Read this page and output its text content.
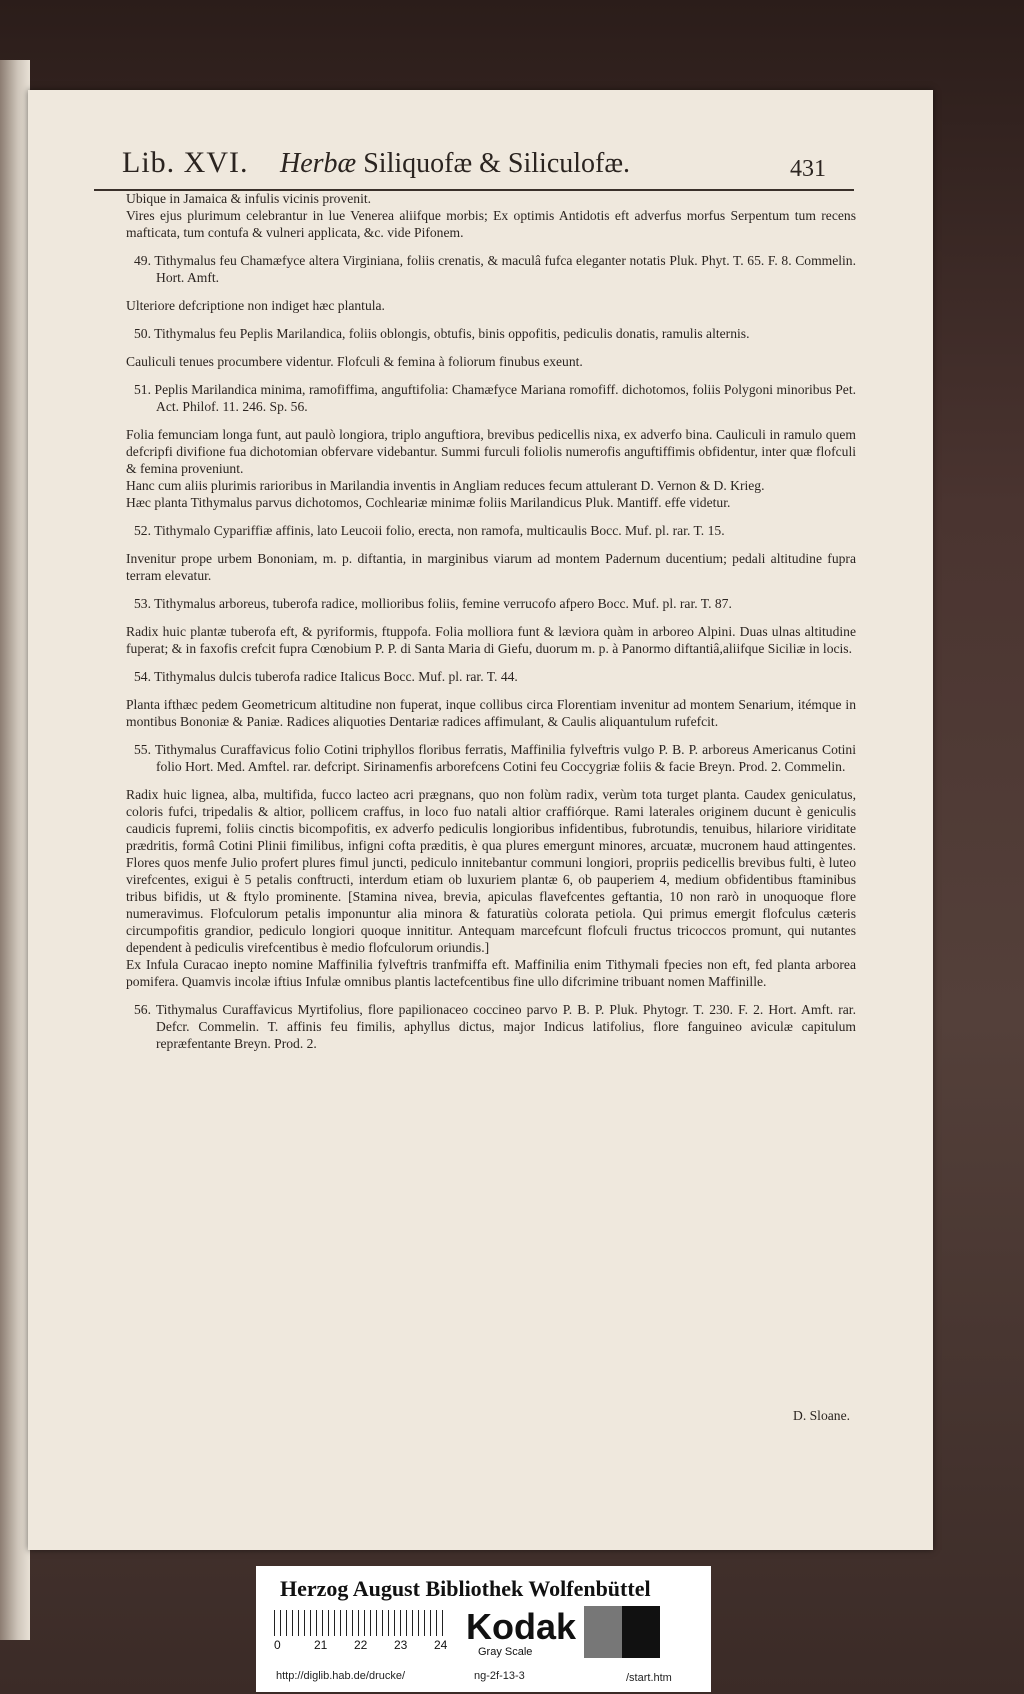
Lib. XVI. Herbæ Siliquofæ & Siliculofæ.	431

Ubique in Jamaica & infulis vicinis provenit.

Vires ejus plurimum celebrantur in lue Venerea aliifque morbis; Ex optimis Antidotis eft adverfus morfus Serpentum tum recens mafticata, tum contufa & vulneri applicata, &c. vide Pifonem.

49. Tithymalus feu Chamæfyce altera Virginiana, foliis crenatis, & maculâ fufca eleganter notatis Pluk. Phyt. T. 65. F. 8. Commelin. Hort. Amft.

Ulteriore defcriptione non indiget hæc plantula.

50. Tithymalus feu Peplis Marilandica, foliis oblongis, obtufis, binis oppofitis, pediculis donatis, ramulis alternis.

Cauliculi tenues procumbere videntur. Flofculi & femina à foliorum finubus exeunt.

51. Peplis Marilandica minima, ramofiffima, anguftifolia: Chamæfyce Mariana romofiff. dichotomos, foliis Polygoni minoribus Pet. Act. Philof. 11. 246. Sp. 56.

Folia femunciam longa funt, aut paulò longiora, triplo anguftiora, brevibus pedicellis nixa, ex adverfo bina. Cauliculi in ramulo quem defcripfi divifione fua dichotomian obfervare videbantur. Summi furculi foliolis numerofis anguftiffimis obfidentur, inter quæ flofculi & femina proveniunt.

Hanc cum aliis plurimis rarioribus in Marilandia inventis in Angliam reduces fecum attulerant D. Vernon & D. Krieg.

Hæc planta Tithymalus parvus dichotomos, Cochleariæ minimæ foliis Marilandicus Pluk. Mantiff. effe videtur.

52. Tithymalo Cypariffiæ affinis, lato Leucoii folio, erecta, non ramofa, multicaulis Bocc. Muf. pl. rar. T. 15.

Invenitur prope urbem Bononiam, m. p. diftantia, in marginibus viarum ad montem Padernum ducentium; pedali altitudine fupra terram elevatur.

53. Tithymalus arboreus, tuberofa radice, mollioribus foliis, femine verrucofo afpero Bocc. Muf. pl. rar. T. 87.

Radix huic plantæ tuberofa eft, & pyriformis, ftuppofa. Folia molliora funt & læviora quàm in arboreo Alpini. Duas ulnas altitudine fuperat; & in faxofis crefcit fupra Cœnobium P. P. di Santa Maria di Giefu, duorum m. p. à Panormo diftantiâ,aliifque Siciliæ in locis.

54. Tithymalus dulcis tuberofa radice Italicus Bocc. Muf. pl. rar. T. 44.

Planta ifthæc pedem Geometricum altitudine non fuperat, inque collibus circa Florentiam invenitur ad montem Senarium, itémque in montibus Bononiæ & Paniæ. Radices aliquoties Dentariæ radices affimulant, & Caulis aliquantulum rufefcit.

55. Tithymalus Curaffavicus folio Cotini triphyllos floribus ferratis, Maffinilia fylveftris vulgo P. B. P. arboreus Americanus Cotini folio Hort. Med. Amftel. rar. defcript. Sirinamenfis arborefcens Cotini feu Coccygriæ foliis & facie Breyn. Prod. 2. Commelin.

Radix huic lignea, alba, multifida, fucco lacteo acri prægnans, quo non folùm radix, verùm tota turget planta. Caudex geniculatus, coloris fufci, tripedalis & altior, pollicem craffus, in loco fuo natali altior craffiórque. Rami laterales originem ducunt è geniculis caudicis fupremi, foliis cinctis bicompofitis, ex adverfo pediculis longioribus infidentibus, fubrotundis, tenuibus, hilariore viriditate prædritis, formâ Cotini Plinii fimilibus, infigni cofta præditis, è qua plures emergunt minores, arcuatæ, mucronem haud attingentes. Flores quos menfe Julio profert plures fimul juncti, pediculo innitebantur communi longiori, propriis pedicellis brevibus fulti, è luteo virefcentes, exigui è 5 petalis conftructi, interdum etiam ob luxuriem plantæ 6, ob pauperiem 4, medium obfidentibus ftaminibus tribus bifidis, ut & ftylo prominente. [Stamina nivea, brevia, apiculas flavefcentes geftantia, 10 non rarò in unoquoque flore numeravimus. Flofculorum petalis imponuntur alia minora & faturatiùs colorata petiola. Qui primus emergit flofculus cæteris circumpofitis grandior, pediculo longiori quoque innititur. Antequam marcefcunt flofculi fructus tricoccos promunt, qui nutantes dependent à pediculis virefcentibus è medio flofculorum oriundis.]

Ex Infula Curacao inepto nomine Maffinilia fylveftris tranfmiffa eft. Maffinilia enim Tithymali fpecies non eft, fed planta arborea pomifera. Quamvis incolæ iftius Infulæ omnibus plantis lactefcentibus fine ullo difcrimine tribuant nomen Maffinille.

56. Tithymalus Curaffavicus Myrtifolius, flore papilionaceo coccineo parvo P. B. P. Pluk. Phytogr. T. 230. F. 2. Hort. Amft. rar. Defcr. Commelin. T. affinis feu fimilis, aphyllus dictus, major Indicus latifolius, flore fanguineo aviculæ capitulum repræfentante Breyn. Prod. 2.

D. Sloane.
Herzog August Bibliothek Wolfenbüttel
0	21 22 23 24 Kodak
Gray Scale
http://diglib.hab.de/drucke/	ng-2f-13-3	/start.htm
